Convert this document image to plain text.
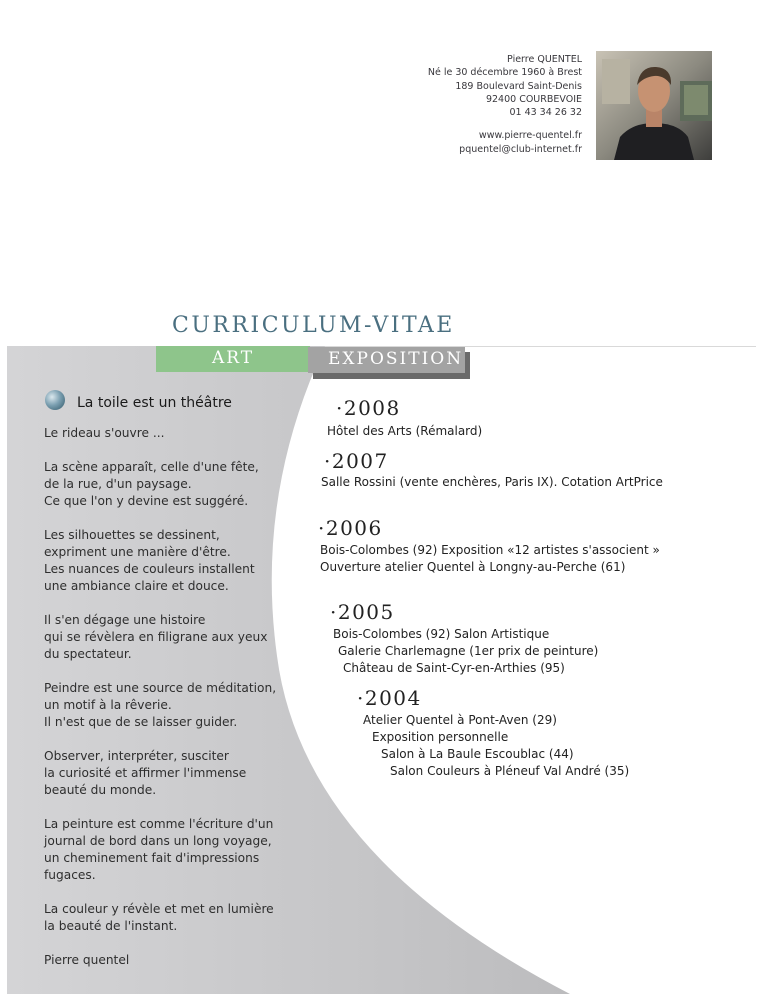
Pierre QUENTEL
Né le 30 décembre 1960 à Brest
189 Boulevard Saint-Denis
92400 COURBEVOIE
01 43 34 26 32
www.pierre-quentel.fr
pquentel@club-internet.fr
CURRICULUM-VITAE
ART	EXPOSITION
La toile est un théâtre

Le rideau s'ouvre ...

La scène apparaît, celle d'une fête,
de la rue, d'un paysage.
Ce que l'on y devine est suggéré.

Les silhouettes se dessinent,
expriment une manière d'être.
Les nuances de couleurs installent
une ambiance claire et douce.

Il s'en dégage une histoire
qui se révèlera en filigrane aux yeux
du spectateur.

Peindre est une source de méditation,
un motif à la rêverie.
Il n'est que de se laisser guider.

Observer, interpréter, susciter
la curiosité et affirmer l'immense
beauté du monde.

La peinture est comme l'écriture d'un
journal de bord dans un long voyage,
un cheminement fait d'impressions
fugaces.

La couleur y révèle et met en lumière
la beauté de l'instant.

Pierre quentel

·2008
Hôtel des Arts (Rémalard)
·2007
Salle Rossini (vente enchères, Paris IX). Cotation ArtPrice
·2006
Bois-Colombes (92) Exposition «12 artistes s'associent »
Ouverture atelier Quentel à Longny-au-Perche (61)
·2005
Bois-Colombes (92) Salon Artistique
Galerie Charlemagne (1er prix de peinture)
Château de Saint-Cyr-en-Arthies (95)
·2004
Atelier Quentel à Pont-Aven (29)
Exposition personnelle
Salon à La Baule Escoublac (44)
Salon Couleurs à Pléneuf Val André (35)
